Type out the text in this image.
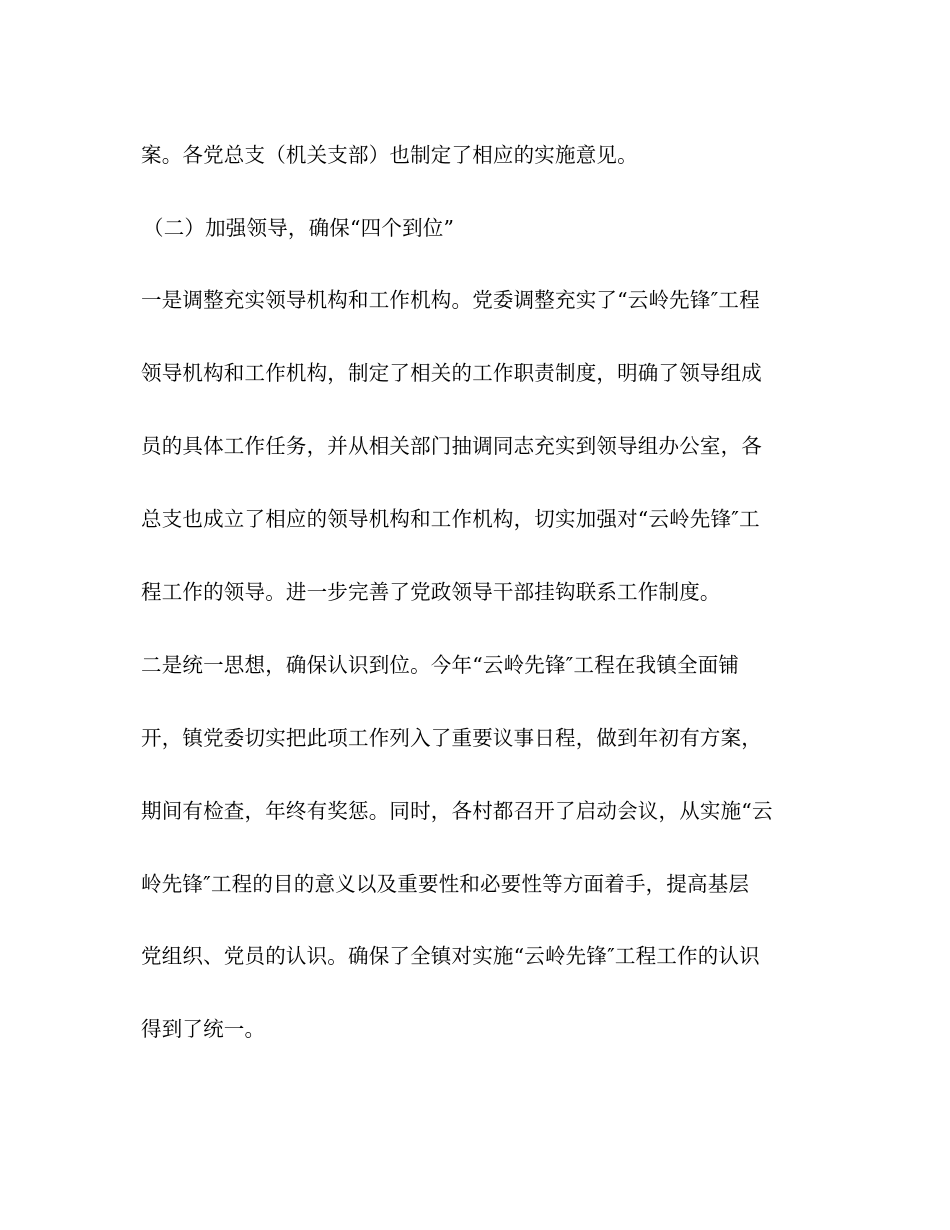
案。各党总支（机关支部）也制定了相应的实施意见。
（二）加强领导，确保“四个到位”
一是调整充实领导机构和工作机构。党委调整充实了“云岭先锋″工程
领导机构和工作机构，制定了相关的工作职责制度，明确了领导组成
员的具体工作任务，并从相关部门抽调同志充实到领导组办公室，各
总支也成立了相应的领导机构和工作机构，切实加强对“云岭先锋″工
程工作的领导。进一步完善了党政领导干部挂钩联系工作制度。
二是统一思想，确保认识到位。今年“云岭先锋″工程在我镇全面铺
开，镇党委切实把此项工作列入了重要议事日程，做到年初有方案，
期间有检查，年终有奖惩。同时，各村都召开了启动会议，从实施“云
岭先锋″工程的目的意义以及重要性和必要性等方面着手，提高基层
党组织、党员的认识。确保了全镇对实施“云岭先锋″工程工作的认识
得到了统一。
